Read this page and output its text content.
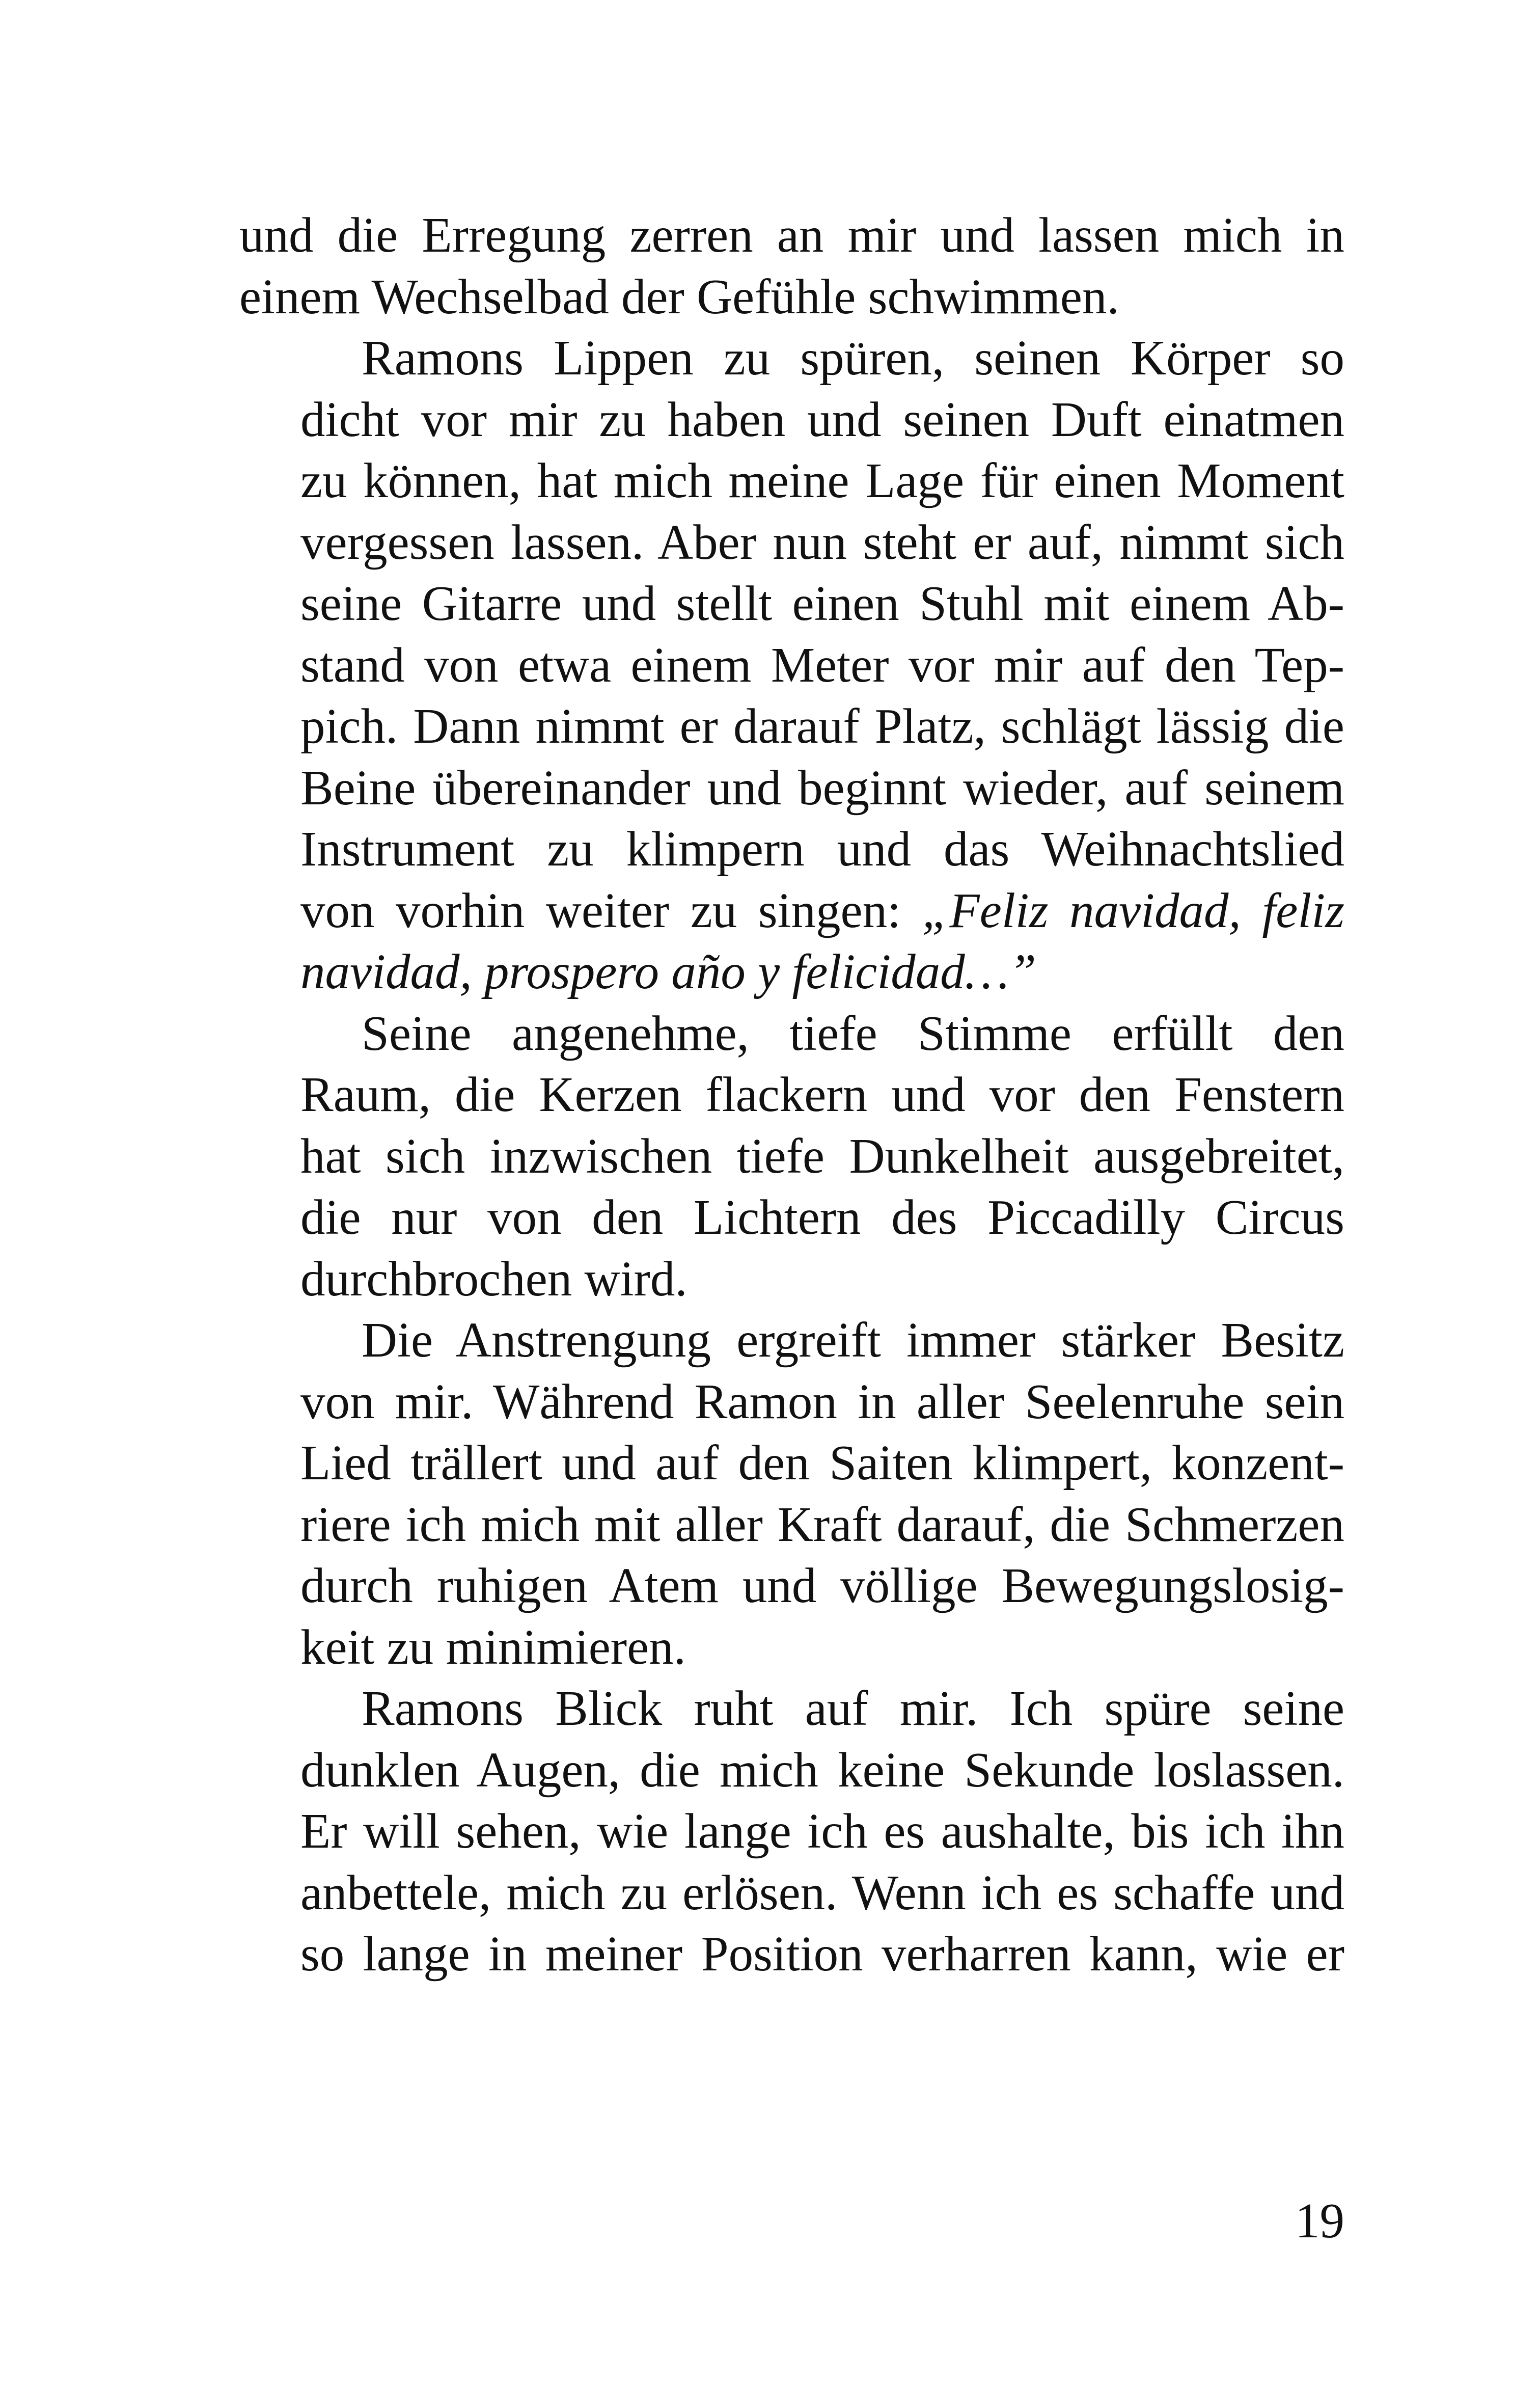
und die Erregung zerren an mir und lassen mich in
einem Wechselbad der Gefühle schwimmen.

Ramons Lippen zu spüren, seinen Körper so
dicht vor mir zu haben und seinen Duft einatmen
zu können, hat mich meine Lage für einen Moment
vergessen lassen. Aber nun steht er auf, nimmt sich
seine Gitarre und stellt einen Stuhl mit einem Ab-
stand von etwa einem Meter vor mir auf den Tep-
pich. Dann nimmt er darauf Platz, schlägt lässig die
Beine übereinander und beginnt wieder, auf seinem
Instrument zu klimpern und das Weihnachtslied
von vorhin weiter zu singen: „Feliz navidad, feliz
navidad, prospero año y felicidad…”

Seine angenehme, tiefe Stimme erfüllt den
Raum, die Kerzen flackern und vor den Fenstern
hat sich inzwischen tiefe Dunkelheit ausgebreitet,
die nur von den Lichtern des Piccadilly Circus
durchbrochen wird.

Die Anstrengung ergreift immer stärker Besitz
von mir. Während Ramon in aller Seelenruhe sein
Lied trällert und auf den Saiten klimpert, konzent-
riere ich mich mit aller Kraft darauf, die Schmerzen
durch ruhigen Atem und völlige Bewegungslosig-
keit zu minimieren.

Ramons Blick ruht auf mir. Ich spüre seine
dunklen Augen, die mich keine Sekunde loslassen.
Er will sehen, wie lange ich es aushalte, bis ich ihn
anbettele, mich zu erlösen. Wenn ich es schaffe und
so lange in meiner Position verharren kann, wie er

19
